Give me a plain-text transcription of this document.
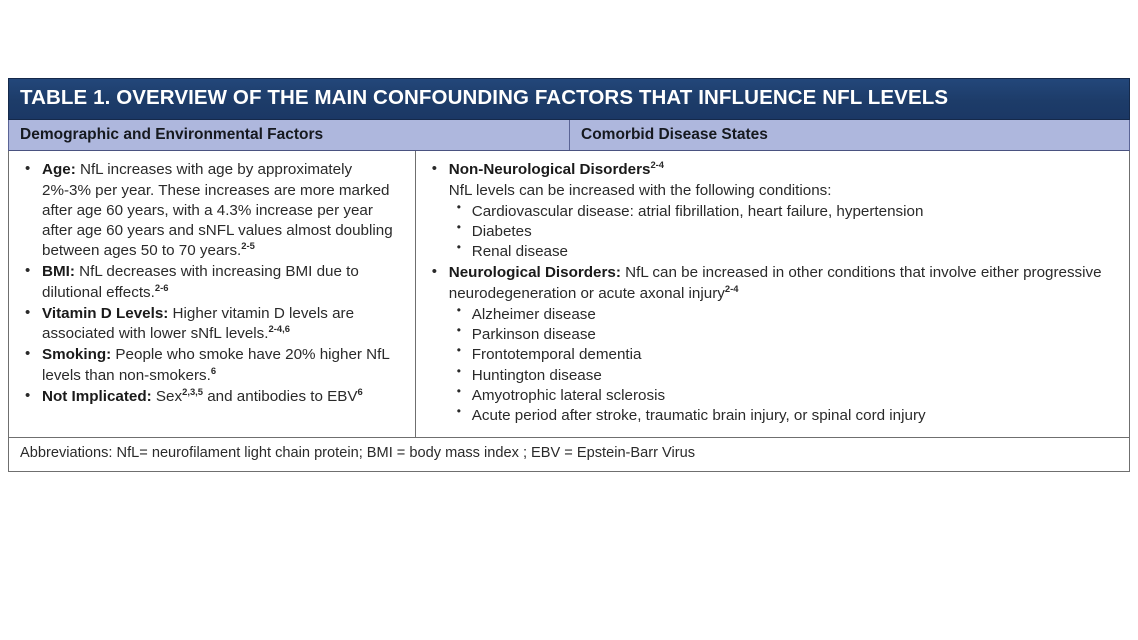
TABLE 1. OVERVIEW OF THE MAIN CONFOUNDING FACTORS THAT INFLUENCE NFL LEVELS
Demographic and Environmental Factors	Comorbid Disease States
• Age: NfL increases with age by approximately 2%-3% per year. These increases are more marked after age 60 years, with a 4.3% increase per year after age 60 years and sNFL values almost doubling between ages 50 to 70 years.$^{2-5}$
• BMI: NfL decreases with increasing BMI due to dilutional effects.$^{2-6}$
• Vitamin D Levels: Higher vitamin D levels are associated with lower sNfL levels.$^{2-4,6}$
• Smoking: People who smoke have 20% higher NfL levels than non-smokers.$^6$
• Not Implicated: Sex$^{2,3,5}$ and antibodies to EBV$^6$
• Non-Neurological Disorders$^{2-4}$
NfL levels can be increased with the following conditions:
• Cardiovascular disease: atrial fibrillation, heart failure, hypertension
• Diabetes
• Renal disease
• Neurological Disorders: NfL can be increased in other conditions that involve either progressive neurodegeneration or acute axonal injury$^{2-4}$
• Alzheimer disease
• Parkinson disease
• Frontotemporal dementia
• Huntington disease
• Amyotrophic lateral sclerosis
• Acute period after stroke, traumatic brain injury, or spinal cord injury
Abbreviations: NfL= neurofilament light chain protein; BMI = body mass index ; EBV = Epstein-Barr Virus
